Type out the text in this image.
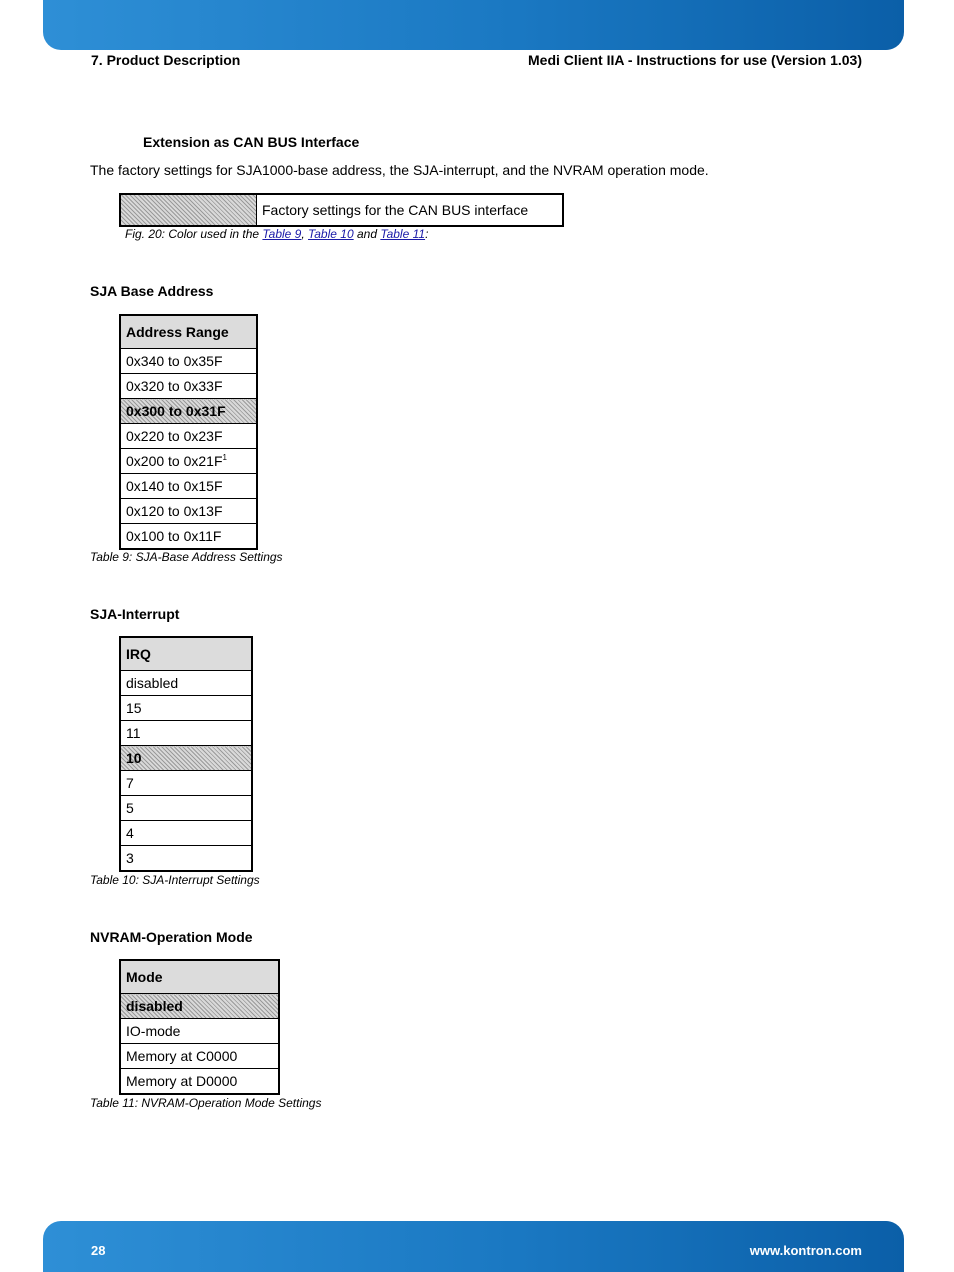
7. Product Description	Medi Client IIA - Instructions for use (Version 1.03)
Extension as CAN BUS Interface
The factory settings for SJA1000-base address, the SJA-interrupt, and the NVRAM operation mode.
Factory settings for the CAN BUS interface
Fig. 20: Color used in the Table 9, Table 10 and Table 11:
SJA Base Address
Address Range
0x340 to 0x35F
0x320 to 0x33F
0x300 to 0x31F
0x220 to 0x23F
0x200 to $0x21F^1$
0x140 to 0x15F
0x120 to 0x13F
0x100 to 0x11F
Table 9: SJA-Base Address Settings
SJA-Interrupt
IRQ
disabled
15
11
10
7
5
4
3
Table 10: SJA-Interrupt Settings
NVRAM-Operation Mode
Mode
disabled
IO-mode
Memory at C0000
Memory at D0000
Table 11: NVRAM-Operation Mode Settings
28	www.kontron.com
